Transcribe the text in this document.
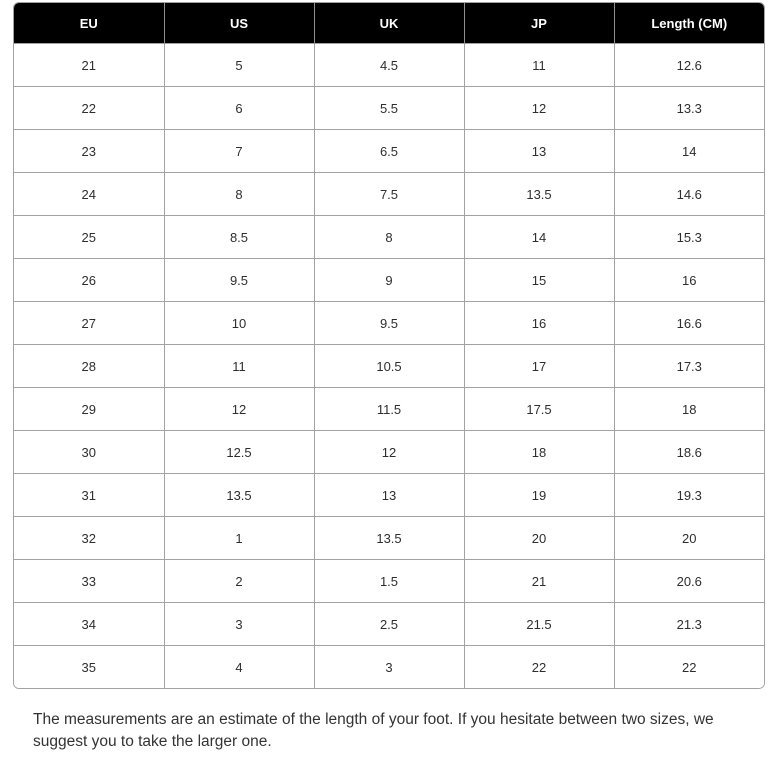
EU	US	UK	JP	Length (CM)
21	5	4.5	11	12.6
22	6	5.5	12	13.3
23	7	6.5	13	14
24	8	7.5	13.5	14.6
25	8.5	8	14	15.3
26	9.5	9	15	16
27	10	9.5	16	16.6
28	11	10.5	17	17.3
29	12	11.5	17.5	18
30	12.5	12	18	18.6
31	13.5	13	19	19.3
32	1	13.5	20	20
33	2	1.5	21	20.6
34	3	2.5	21.5	21.3
35	4	3	22	22

The measurements are an estimate of the length of your foot. If you hesitate between two sizes, we suggest you to take the larger one.
